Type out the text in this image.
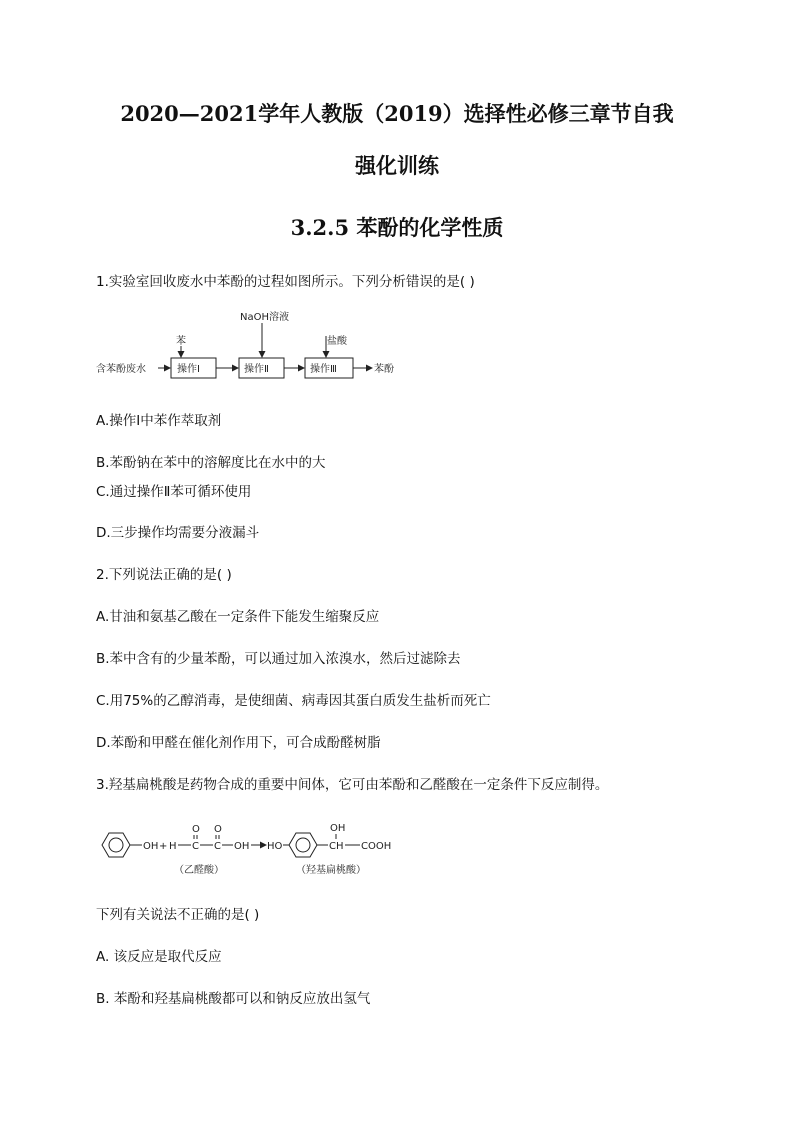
2020—2021学年人教版（2019）选择性必修三章节自我
强化训练
3.2.5 苯酚的化学性质
1.实验室回收废水中苯酚的过程如图所示。下列分析错误的是( )
含苯酚废水	操作Ⅰ	操作Ⅱ	操作Ⅲ	苯酚
苯
NaOH溶液
盐酸
A.操作Ⅰ中苯作萃取剂
B.苯酚钠在苯中的溶解度比在水中的大
C.通过操作Ⅱ苯可循环使用
D.三步操作均需要分液漏斗
2.下列说法正确的是( )
A.甘油和氨基乙酸在一定条件下能发生缩聚反应
B.苯中含有的少量苯酚，可以通过加入浓溴水，然后过滤除去
C.用75%的乙醇消毒，是使细菌、病毒因其蛋白质发生盐析而死亡
D.苯酚和甲醛在催化剂作用下，可合成酚醛树脂
3.羟基扁桃酸是药物合成的重要中间体，它可由苯酚和乙醛酸在一定条件下反应制得。
OH + H C
O
C
O
OH HO	CH
OH
COOH
（乙醛酸）	（羟基扁桃酸）
下列有关说法不正确的是( )
A. 该反应是取代反应
B. 苯酚和羟基扁桃酸都可以和钠反应放出氢气
